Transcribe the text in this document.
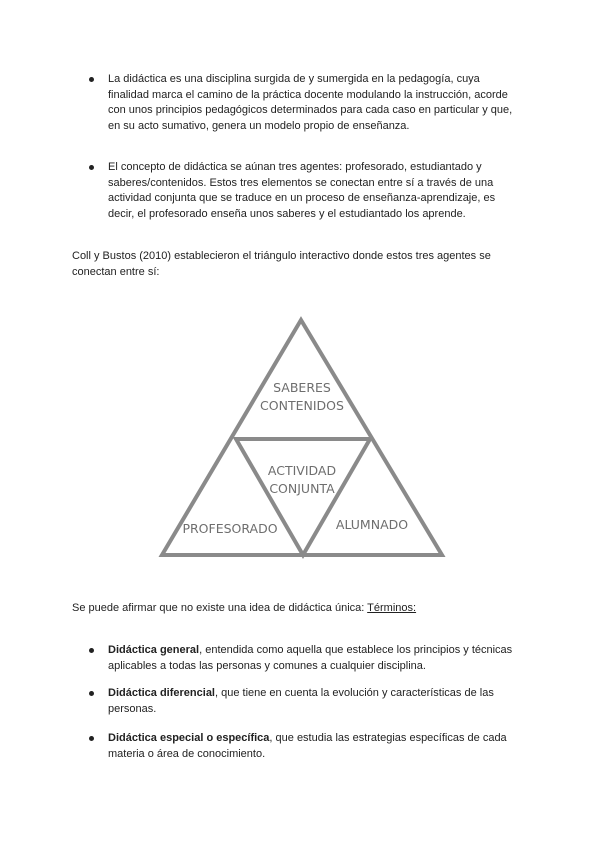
La didáctica es una disciplina surgida de y sumergida en la pedagogía, cuya finalidad marca el camino de la práctica docente modulando la instrucción, acorde con unos principios pedagógicos determinados para cada caso en particular y que, en su acto sumativo, genera un modelo propio de enseñanza.
El concepto de didáctica se aúnan tres agentes: profesorado, estudiantado y saberes/contenidos. Estos tres elementos se conectan entre sí a través de una actividad conjunta que se traduce en un proceso de enseñanza-aprendizaje, es decir, el profesorado enseña unos saberes y el estudiantado los aprende.

Coll y Bustos (2010) establecieron el triángulo interactivo donde estos tres agentes se conectan entre sí:

SABERES
CONTENIDOS
ACTIVIDAD
CONJUNTA
PROFESORADO	ALUMNADO

Se puede afirmar que no existe una idea de didáctica única: Términos:

Didáctica general, entendida como aquella que establece los principios y técnicas aplicables a todas las personas y comunes a cualquier disciplina.
Didáctica diferencial, que tiene en cuenta la evolución y características de las personas.
Didáctica especial o específica, que estudia las estrategias específicas de cada materia o área de conocimiento.
